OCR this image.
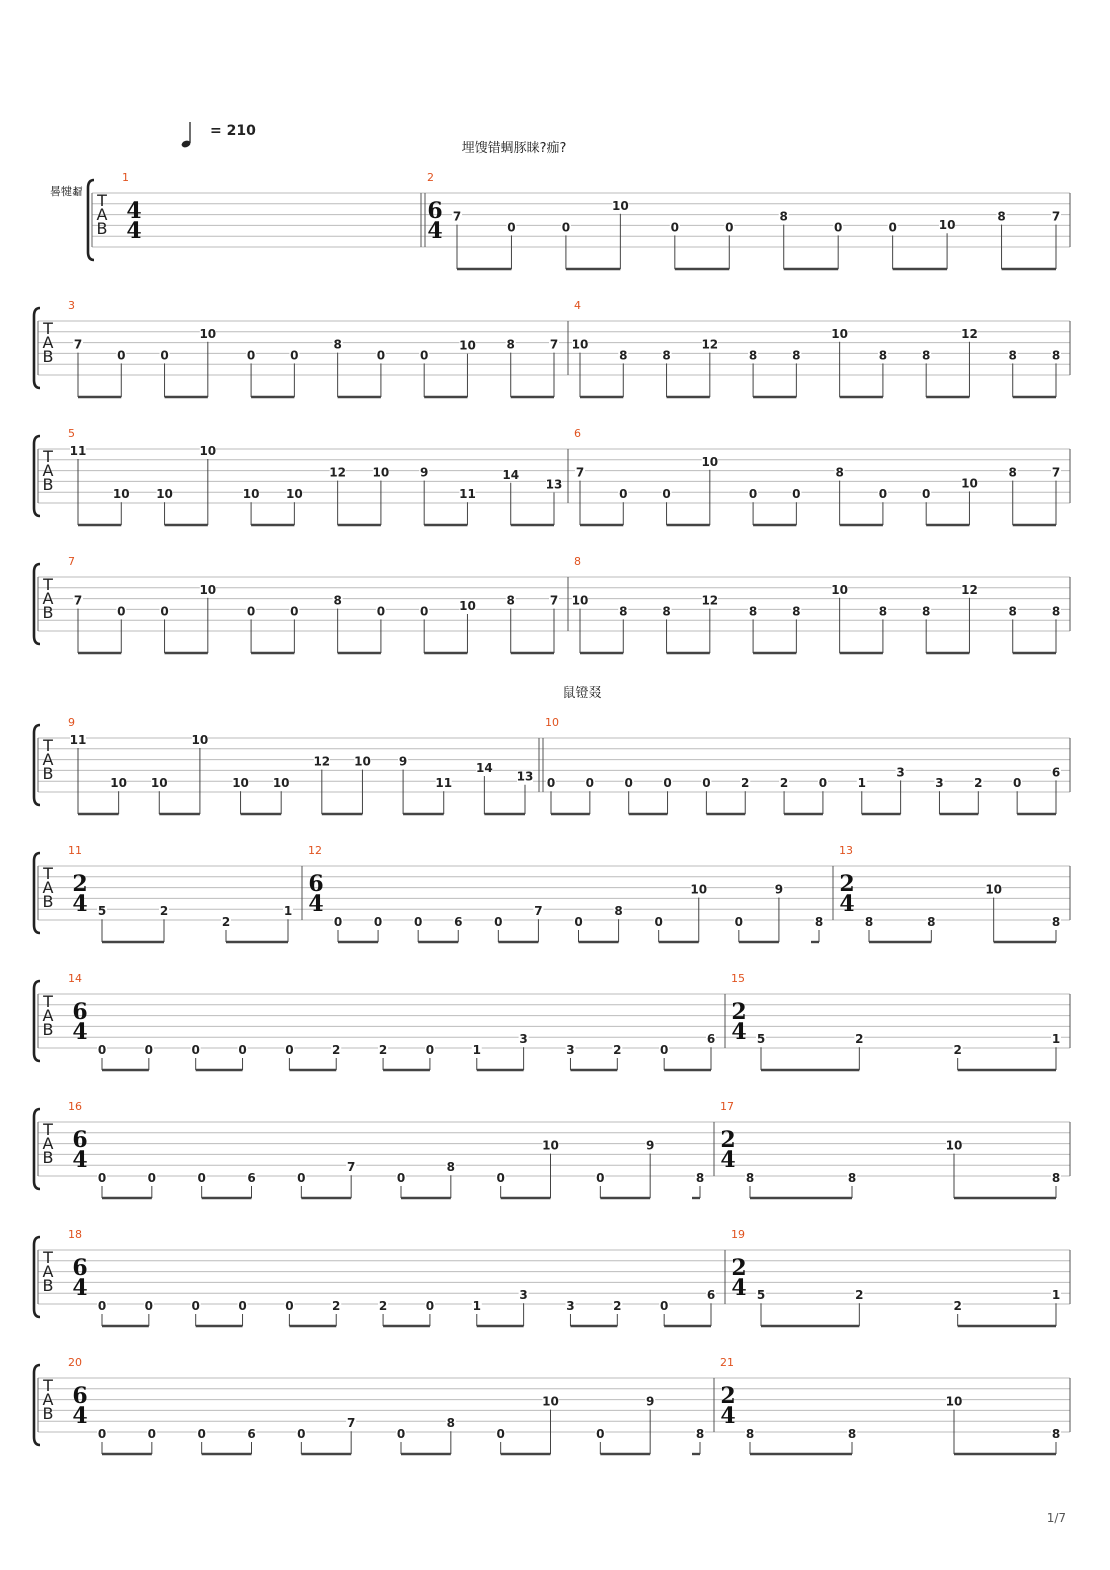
= 210
晷犍𘓀
埋馊错蜩豚睐?痂?
鼠镫叕
1/7
T
A
B
1
4
4
2
6
4
7
0	0
10
0	0
8
0	0	10
8	7
T
A
B
3
7
0	0
10
0	0
8
0	0
10	8	7
4
10
8	8
12
8	8
10
8	8
12
8	8
T
A
B
5
11
10 10
10
10 10
12 10	9
11
14
13
6
7
0	0
10
0	0
8
0	0
10
8	7
T
A
B
7
7
0	0
10
0	0
8
0	0	10	8	7
8
10
8	8
12
8	8
10
8	8
12
8	8
T
A
B
9
11
10 10
10
10 10
12 10 9
11
14
13
10
0	0	0	0	0	2	2	0	1
3
3	2	0
6
T
A
B
11
2
4 5	2
2
1
12
6
4
0	0	0	6	0
7
0
8
0
10
0
9
8
13
2
4
8	8
10
8
T
A
B
14
6
4
0	0	0	0	0	2	2	0	1
3
3	2	0
6
15
2
4 5	2
2
1
T
A
B
16
6
4
0	0	0	6	0
7
0
8
0
10
0
9
8
17
2
4
8	8
10
8
T
A
B
18
6
4
0	0	0	0	0	2	2	0	1
3
3	2	0
6
19
2
4 5	2
2
1
T
A
B
20
6
4
0	0	0	6	0
7
0
8
0
10
0
9
8
21
2
4
8	8
10
8
